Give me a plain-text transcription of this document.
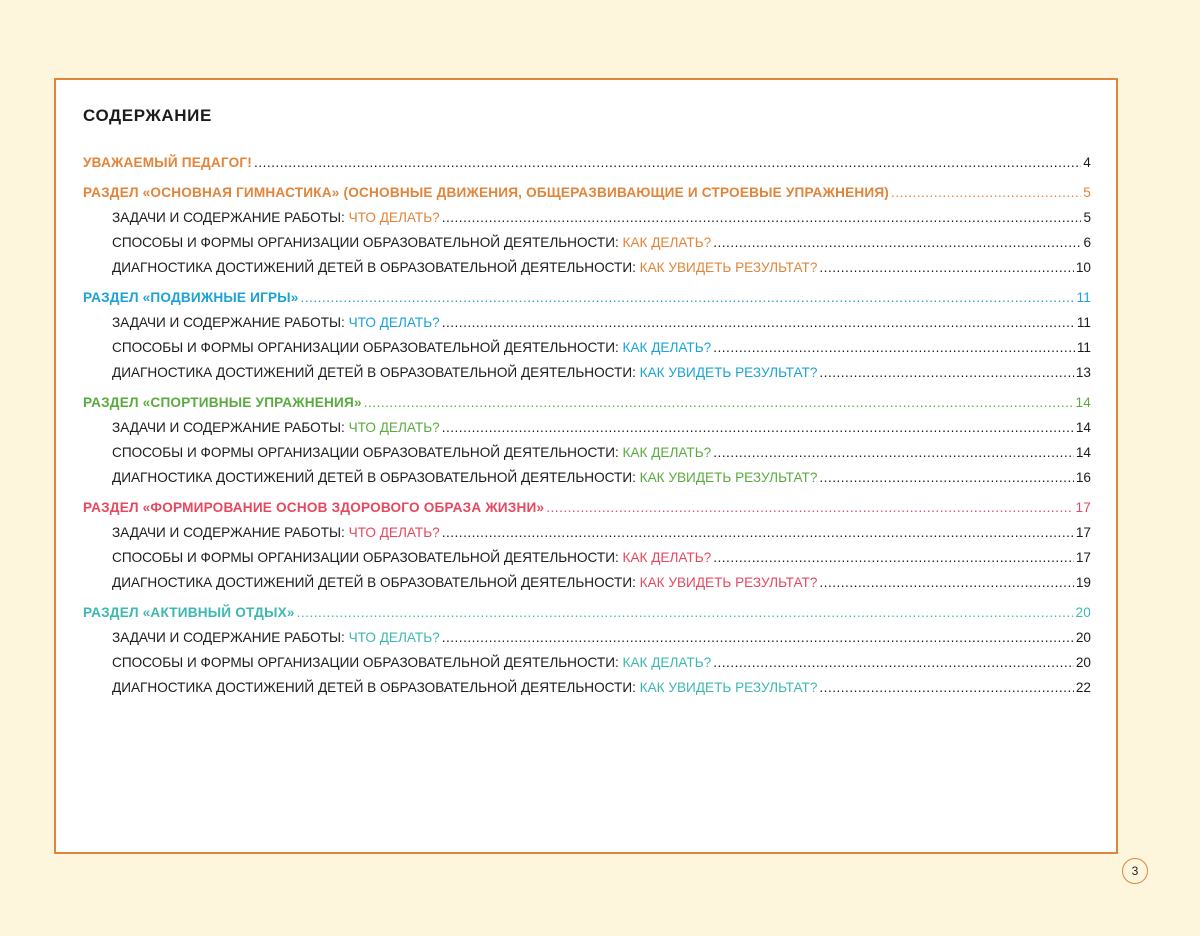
СОДЕРЖАНИЕ
УВАЖАЕМЫЙ ПЕДАГОГ! .....	4
РАЗДЕЛ «ОСНОВНАЯ ГИМНАСТИКА» (ОСНОВНЫЕ ДВИЖЕНИЯ, ОБЩЕРАЗВИВАЮЩИЕ И СТРОЕВЫЕ УПРАЖНЕНИЯ) .....	5
ЗАДАЧИ И СОДЕРЖАНИЕ РАБОТЫ: ЧТО ДЕЛАТЬ? .....	5
СПОСОБЫ И ФОРМЫ ОРГАНИЗАЦИИ ОБРАЗОВАТЕЛЬНОЙ ДЕЯТЕЛЬНОСТИ: КАК ДЕЛАТЬ? .....	6
ДИАГНОСТИКА ДОСТИЖЕНИЙ ДЕТЕЙ В ОБРАЗОВАТЕЛЬНОЙ ДЕЯТЕЛЬНОСТИ: КАК УВИДЕТЬ РЕЗУЛЬТАТ? .....	10
РАЗДЕЛ «ПОДВИЖНЫЕ ИГРЫ» .....	11
ЗАДАЧИ И СОДЕРЖАНИЕ РАБОТЫ: ЧТО ДЕЛАТЬ? .....	11
СПОСОБЫ И ФОРМЫ ОРГАНИЗАЦИИ ОБРАЗОВАТЕЛЬНОЙ ДЕЯТЕЛЬНОСТИ: КАК ДЕЛАТЬ? .....	11
ДИАГНОСТИКА ДОСТИЖЕНИЙ ДЕТЕЙ В ОБРАЗОВАТЕЛЬНОЙ ДЕЯТЕЛЬНОСТИ: КАК УВИДЕТЬ РЕЗУЛЬТАТ? .....	13
РАЗДЕЛ «СПОРТИВНЫЕ УПРАЖНЕНИЯ» .....	14
ЗАДАЧИ И СОДЕРЖАНИЕ РАБОТЫ: ЧТО ДЕЛАТЬ? .....	14
СПОСОБЫ И ФОРМЫ ОРГАНИЗАЦИИ ОБРАЗОВАТЕЛЬНОЙ ДЕЯТЕЛЬНОСТИ: КАК ДЕЛАТЬ? .....	14
ДИАГНОСТИКА ДОСТИЖЕНИЙ ДЕТЕЙ В ОБРАЗОВАТЕЛЬНОЙ ДЕЯТЕЛЬНОСТИ: КАК УВИДЕТЬ РЕЗУЛЬТАТ? .....	16
РАЗДЕЛ «ФОРМИРОВАНИЕ ОСНОВ ЗДОРОВОГО ОБРАЗА ЖИЗНИ» .....	17
ЗАДАЧИ И СОДЕРЖАНИЕ РАБОТЫ: ЧТО ДЕЛАТЬ? .....	17
СПОСОБЫ И ФОРМЫ ОРГАНИЗАЦИИ ОБРАЗОВАТЕЛЬНОЙ ДЕЯТЕЛЬНОСТИ: КАК ДЕЛАТЬ? .....	17
ДИАГНОСТИКА ДОСТИЖЕНИЙ ДЕТЕЙ В ОБРАЗОВАТЕЛЬНОЙ ДЕЯТЕЛЬНОСТИ: КАК УВИДЕТЬ РЕЗУЛЬТАТ? .....	19
РАЗДЕЛ «АКТИВНЫЙ ОТДЫХ» .....	20
ЗАДАЧИ И СОДЕРЖАНИЕ РАБОТЫ: ЧТО ДЕЛАТЬ? .....	20
СПОСОБЫ И ФОРМЫ ОРГАНИЗАЦИИ ОБРАЗОВАТЕЛЬНОЙ ДЕЯТЕЛЬНОСТИ: КАК ДЕЛАТЬ? .....	20
ДИАГНОСТИКА ДОСТИЖЕНИЙ ДЕТЕЙ В ОБРАЗОВАТЕЛЬНОЙ ДЕЯТЕЛЬНОСТИ: КАК УВИДЕТЬ РЕЗУЛЬТАТ? .....	22
3
